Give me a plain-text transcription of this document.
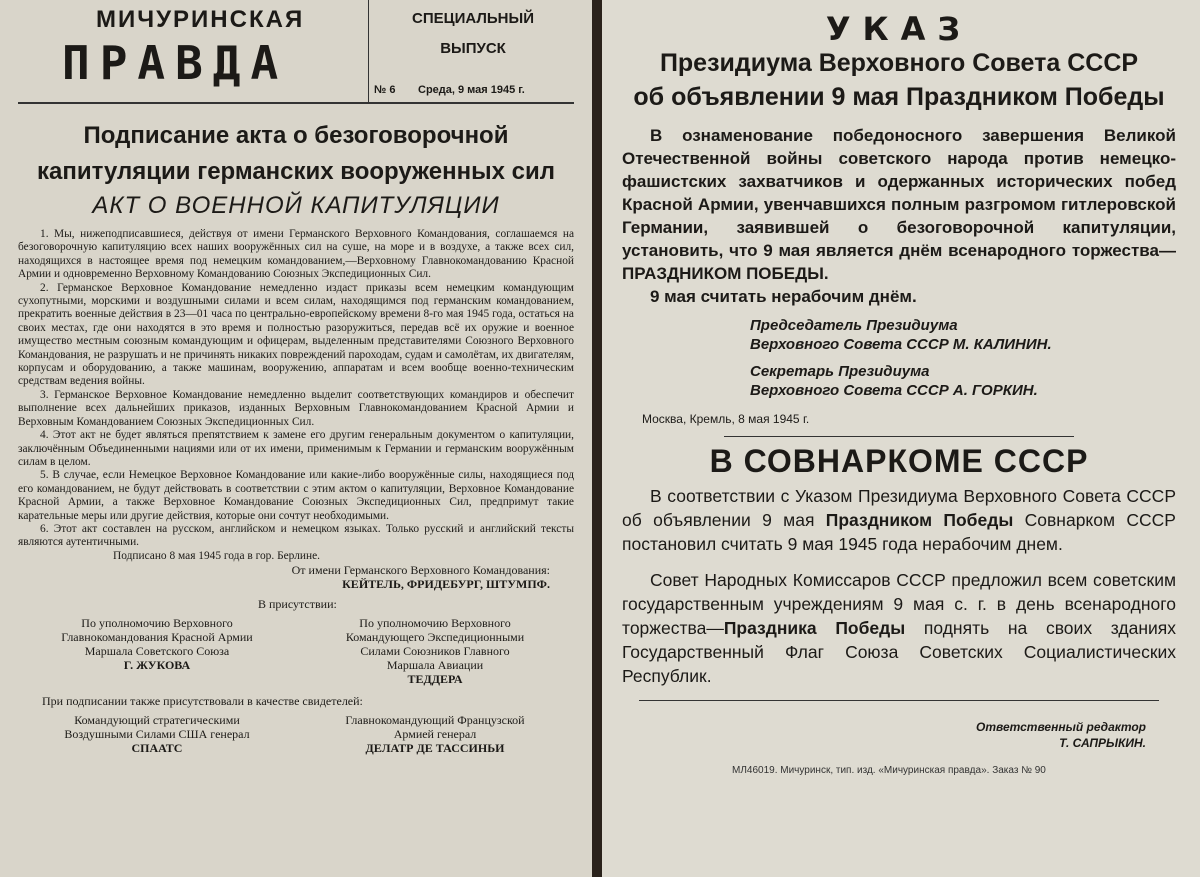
МИЧУРИНСКАЯ
ПРАВДА
СПЕЦИАЛЬНЫЙ
ВЫПУСК
№ 6 Среда, 9 мая 1945 г.
Подписание акта о безоговорочной
капитуляции германских вооруженных сил
АКТ О ВОЕННОЙ КАПИТУЛЯЦИИ

1. Мы, нижеподписавшиеся, действуя от имени Германского Верховного Командования, соглашаемся на безоговорочную капитуляцию всех наших вооружённых сил на суше, на море и в воздухе, а также всех сил, находящихся в настоящее время под немецким командованием,—Верховному Главнокомандованию Красной Армии и одновременно Верховному Командованию Союзных Экспедиционных Сил.

2. Германское Верховное Командование немедленно издаст приказы всем немецким командующим сухопутными, морскими и воздушными силами и всем силам, находящимся под германским командованием, прекратить военные действия в 23—01 часа по центрально-европейскому времени 8-го мая 1945 года, остаться на своих местах, где они находятся в это время и полностью разоружиться, передав всё их оружие и военное имущество местным союзным командующим и офицерам, выделенным представителями Союзного Верховного Командования, не разрушать и не причинять никаких повреждений пароходам, судам и самолётам, их двигателям, корпусам и оборудованию, а также машинам, вооружению, аппаратам и всем вообще военно-техническим средствам ведения войны.

3. Германское Верховное Командование немедленно выделит соответствующих командиров и обеспечит выполнение всех дальнейших приказов, изданных Верховным Главнокомандованием Красной Армии и Верховным Командованием Союзных Экспедиционных Сил.

4. Этот акт не будет являться препятствием к замене его другим генеральным документом о капитуляции, заключённым Объединенными нациями или от их имени, применимым к Германии и германским вооружённым силам в целом.

5. В случае, если Немецкое Верховное Командование или какие-либо вооружённые силы, находящиеся под его командованием, не будут действовать в соответствии с этим актом о капитуляции, Верховное Командование Красной Армии, а также Верховное Командование Союзных Экспедиционных Сил, предпримут такие карательные меры или другие действия, которые они сочтут необходимыми.

6. Этот акт составлен на русском, английском и немецком языках. Только русский и английский тексты являются аутентичными.

Подписано 8 мая 1945 года в гор. Берлине.
От имени Германского Верховного Командования:
КЕЙТЕЛЬ, ФРИДЕБУРГ, ШТУМПФ.
В присутствии:
По уполномочию Верховного
Главнокомандования Красной Армии
Маршала Советского Союза
Г. ЖУКОВА
По уполномочию Верховного
Командующего Экспедиционными
Силами Союзников Главного
Маршала Авиации
ТЕДДЕРА
При подписании также присутствовали в качестве свидетелей:
Командующий стратегическими
Воздушными Силами США генерал
СПААТС
Главнокомандующий Французской
Армией генерал
ДЕЛАТР ДЕ ТАССИНЬИ
УКАЗ
Президиума Верховного Совета СССР
об объявлении 9 мая Праздником Победы

В ознаменование победоносного завершения Великой Отечественной войны советского народа против немецко-фашистских захватчиков и одержанных исторических побед Красной Армии, увенчавшихся полным разгромом гитлеровской Германии, заявившей о безоговорочной капитуляции, установить, что 9 мая является днём всенародного торжества—ПРАЗДНИКОМ ПОБЕДЫ.

9 мая считать нерабочим днём.

Председатель Президиума
Верховного Совета СССР М. КАЛИНИН.
Секретарь Президиума
Верховного Совета СССР А. ГОРКИН.
Москва, Кремль, 8 мая 1945 г.
В СОВНАРКОМЕ СССР

В соответствии с Указом Президиума Верховного Совета СССР об объявлении 9 мая Праздником Победы Совнарком СССР постановил считать 9 мая 1945 года нерабочим днем.

Совет Народных Комиссаров СССР предложил всем советским государственным учреждениям 9 мая с. г. в день всенародного торжества—Праздника Победы поднять на своих зданиях Государственный Флаг Союза Советских Социалистических Республик.

Ответственный редактор
Т. САПРЫКИН.
МЛ46019. Мичуринск, тип. изд. «Мичуринская правда». Заказ № 90
